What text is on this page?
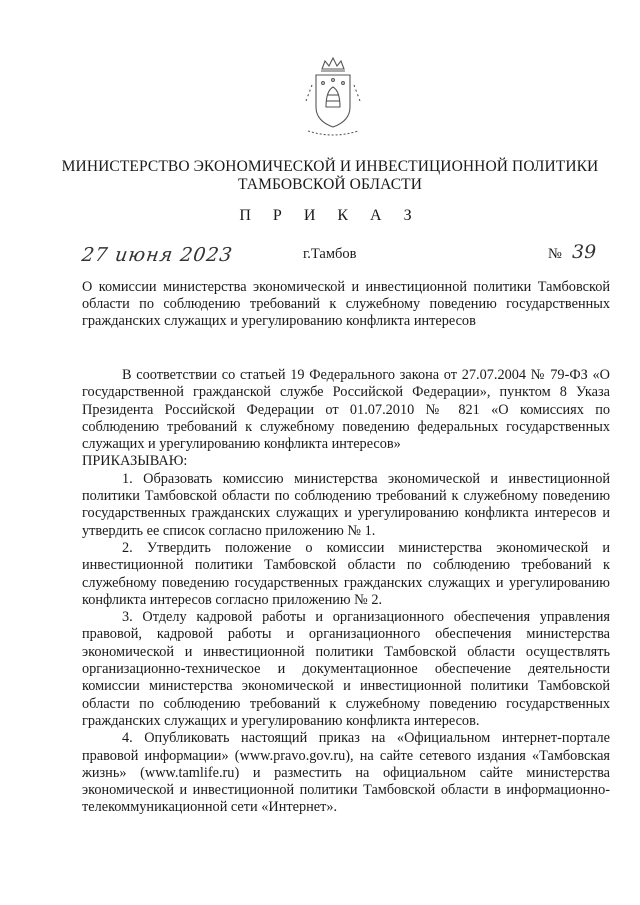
МИНИСТЕРСТВО ЭКОНОМИЧЕСКОЙ И ИНВЕСТИЦИОННОЙ ПОЛИТИКИ
ТАМБОВСКОЙ ОБЛАСТИ
П Р И К А З
27 июня 2023	г.Тамбов	№ 39
О комиссии министерства экономической и инвестиционной политики Тамбовской области по соблюдению требований к служебному поведению государственных гражданских служащих и урегулированию конфликта интересов

В соответствии со статьей 19 Федерального закона от 27.07.2004 № 79-ФЗ «О государственной гражданской службе Российской Федерации», пунктом 8 Указа Президента Российской Федерации от 01.07.2010 № 821 «О комиссиях по соблюдению требований к служебному поведению федеральных государственных служащих и урегулированию конфликта интересов»

ПРИКАЗЫВАЮ:

1. Образовать комиссию министерства экономической и инвестиционной политики Тамбовской области по соблюдению требований к служебному поведению государственных гражданских служащих и урегулированию конфликта интересов и утвердить ее список согласно приложению № 1.

2. Утвердить положение о комиссии министерства экономической и инвестиционной политики Тамбовской области по соблюдению требований к служебному поведению государственных гражданских служащих и урегулированию конфликта интересов согласно приложению № 2.

3. Отделу кадровой работы и организационного обеспечения управления правовой, кадровой работы и организационного обеспечения министерства экономической и инвестиционной политики Тамбовской области осуществлять организационно-техническое и документационное обеспечение деятельности комиссии министерства экономической и инвестиционной политики Тамбовской области по соблюдению требований к служебному поведению государственных гражданских служащих и урегулированию конфликта интересов.

4. Опубликовать настоящий приказ на «Официальном интернет-портале правовой информации» (www.pravo.gov.ru), на сайте сетевого издания «Тамбовская жизнь» (www.tamlife.ru) и разместить на официальном сайте министерства экономической и инвестиционной политики Тамбовской области в информационно-телекоммуникационной сети «Интернет».
